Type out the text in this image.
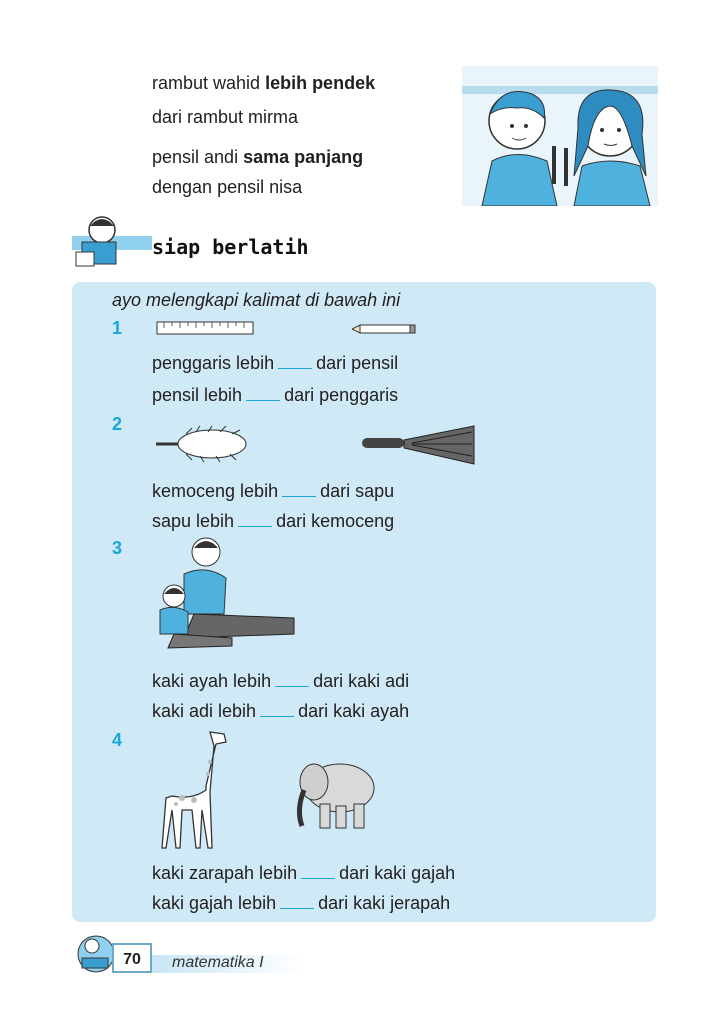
rambut wahid lebih pendek
dari rambut mirma
pensil andi sama panjang
dengan pensil nisa
siap berlatih
ayo melengkapi kalimat di bawah ini
1
penggaris lebih dari pensil
pensil lebih dari penggaris
2
kemoceng lebih dari sapu
sapu lebih dari kemoceng
3
kaki ayah lebih dari kaki adi
kaki adi lebih dari kaki ayah
4
kaki zarapah lebih dari kaki gajah
kaki gajah lebih dari kaki jerapah
70	matematika I
